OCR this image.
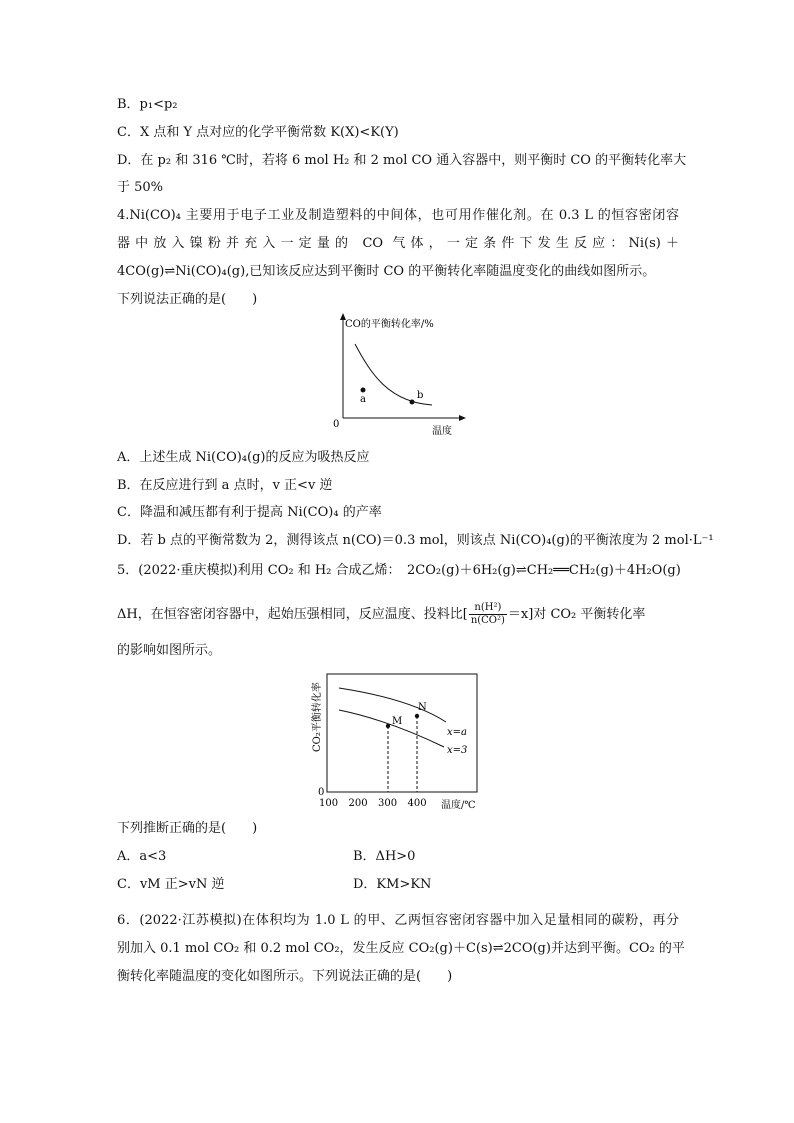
B．p₁<p₂
C．X 点和 Y 点对应的化学平衡常数 K(X)<K(Y)
D．在 p₂ 和 316 ℃时，若将 6 mol H₂ 和 2 mol CO 通入容器中，则平衡时 CO 的平衡转化率大
于 50%
4.Ni(CO)₄ 主要用于电子工业及制造塑料的中间体，也可用作催化剂。在 0.3 L 的恒容密闭容
器中放入镍粉并充入一定量的 CO 气体，一定条件下发生反应：Ni(s)＋
4CO(g)⇌Ni(CO)₄(g),已知该反应达到平衡时 CO 的平衡转化率随温度变化的曲线如图所示。
下列说法正确的是(　　)
CO的平衡转化率/%
0
温度
a	b
A．上述生成 Ni(CO)₄(g)的反应为吸热反应
B．在反应进行到 a 点时，v 正<v 逆
C．降温和减压都有利于提高 Ni(CO)₄ 的产率
D．若 b 点的平衡常数为 2，测得该点 n(CO)＝0.3 mol，则该点 Ni(CO)₄(g)的平衡浓度为 2 mol·L⁻¹
5．(2022·重庆模拟)利用 CO₂ 和 H₂ 合成乙烯：　2CO₂(g)＋6H₂(g)⇌CH₂══CH₂(g)＋4H₂O(g)
ΔH，在恒容密闭容器中，起始压强相同，反应温度、投料比[ $\frac{\text{n(H²)}}{\text{n(CO²)}} =x$]对 CO₂ 平衡转化率
的影响如图所示。
CO₂平衡转化率
0
100 200 300 400 温度/℃
M
N
x=a
x=3
下列推断正确的是(　　)
A．a<3	B．ΔH>0
C．vM 正>vN 逆	D．KM>KN
6．(2022·江苏模拟)在体积均为 1.0 L 的甲、乙两恒容密闭容器中加入足量相同的碳粉，再分
别加入 0.1 mol CO₂ 和 0.2 mol CO₂，发生反应 CO₂(g)＋C(s)⇌2CO(g)并达到平衡。CO₂ 的平
衡转化率随温度的变化如图所示。下列说法正确的是(　　)
